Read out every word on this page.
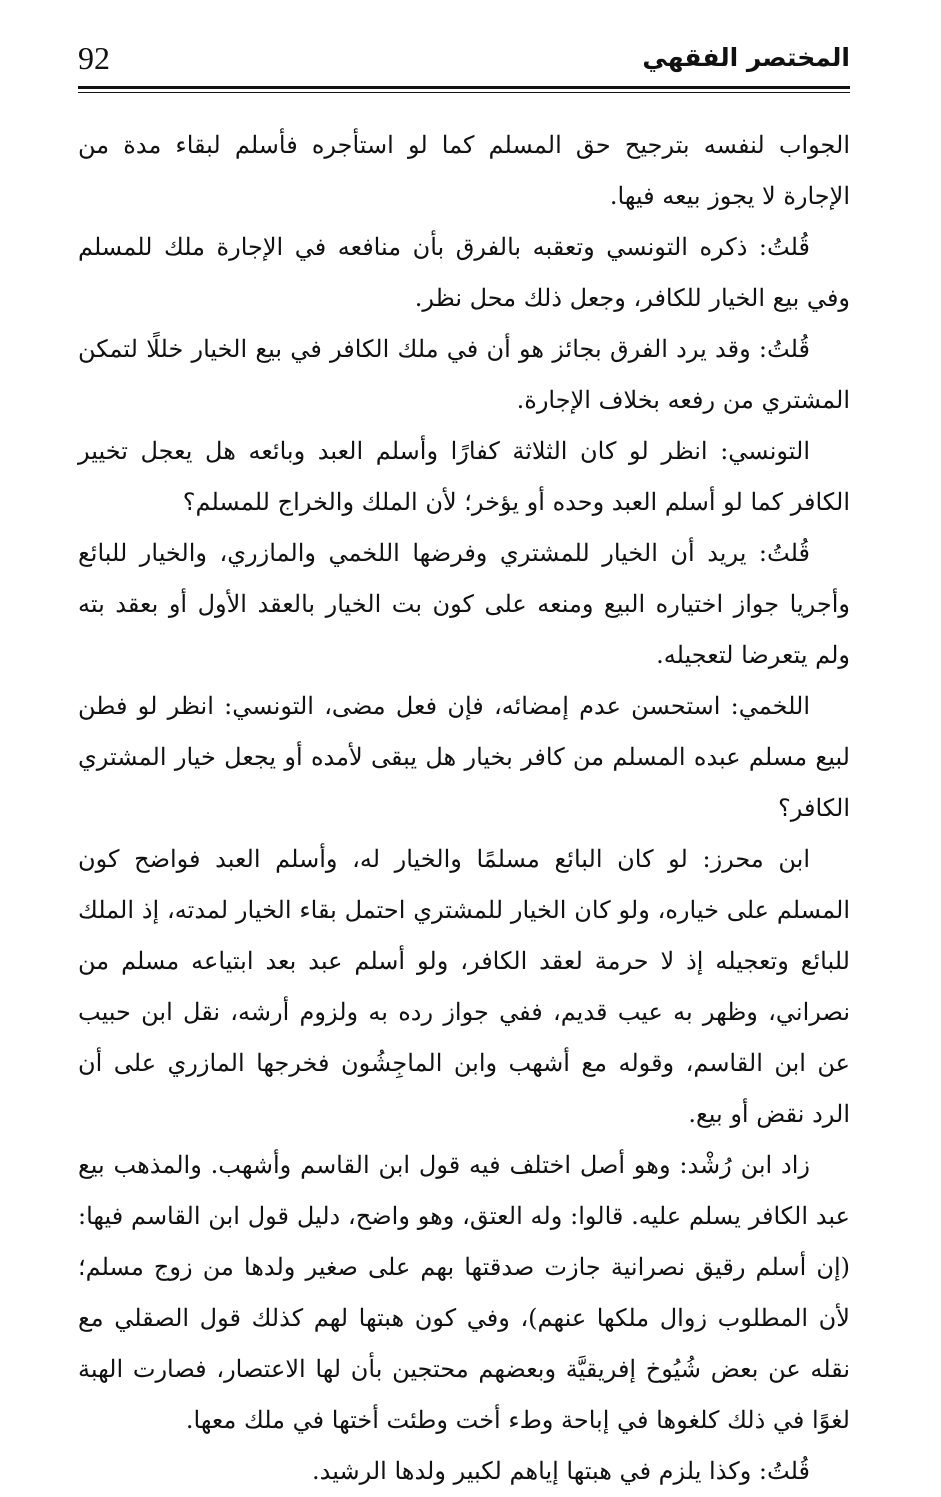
92	المختصر الفقهي

الجواب لنفسه بترجيح حق المسلم كما لو استأجره فأسلم لبقاء مدة من الإجارة لا يجوز بيعه فيها.

قُلتُ: ذكره التونسي وتعقبه بالفرق بأن منافعه في الإجارة ملك للمسلم وفي بيع الخيار للكافر، وجعل ذلك محل نظر.

قُلتُ: وقد يرد الفرق بجائز هو أن في ملك الكافر في بيع الخيار خللًا لتمكن المشتري من رفعه بخلاف الإجارة.

التونسي: انظر لو كان الثلاثة كفارًا وأسلم العبد وبائعه هل يعجل تخيير الكافر كما لو أسلم العبد وحده أو يؤخر؛ لأن الملك والخراج للمسلم؟

قُلتُ: يريد أن الخيار للمشتري وفرضها اللخمي والمازري، والخيار للبائع وأجريا جواز اختياره البيع ومنعه على كون بت الخيار بالعقد الأول أو بعقد بته ولم يتعرضا لتعجيله.

اللخمي: استحسن عدم إمضائه، فإن فعل مضى، التونسي: انظر لو فطن لبيع مسلم عبده المسلم من كافر بخيار هل يبقى لأمده أو يجعل خيار المشتري الكافر؟

ابن محرز: لو كان البائع مسلمًا والخيار له، وأسلم العبد فواضح كون المسلم على خياره، ولو كان الخيار للمشتري احتمل بقاء الخيار لمدته، إذ الملك للبائع وتعجيله إذ لا حرمة لعقد الكافر، ولو أسلم عبد بعد ابتياعه مسلم من نصراني، وظهر به عيب قديم، ففي جواز رده به ولزوم أرشه، نقل ابن حبيب عن ابن القاسم، وقوله مع أشهب وابن الماجِشُون فخرجها المازري على أن الرد نقض أو بيع.

زاد ابن رُشْد: وهو أصل اختلف فيه قول ابن القاسم وأشهب. والمذهب بيع عبد الكافر يسلم عليه. قالوا: وله العتق، وهو واضح، دليل قول ابن القاسم فيها: (إن أسلم رقيق نصرانية جازت صدقتها بهم على صغير ولدها من زوج مسلم؛ لأن المطلوب زوال ملكها عنهم)، وفي كون هبتها لهم كذلك قول الصقلي مع نقله عن بعض شُيُوخ إفريقيَّة وبعضهم محتجين بأن لها الاعتصار، فصارت الهبة لغوًا في ذلك كلغوها في إباحة وطء أخت وطئت أختها في ملك معها.

قُلتُ: وكذا يلزم في هبتها إياهم لكبير ولدها الرشيد.
